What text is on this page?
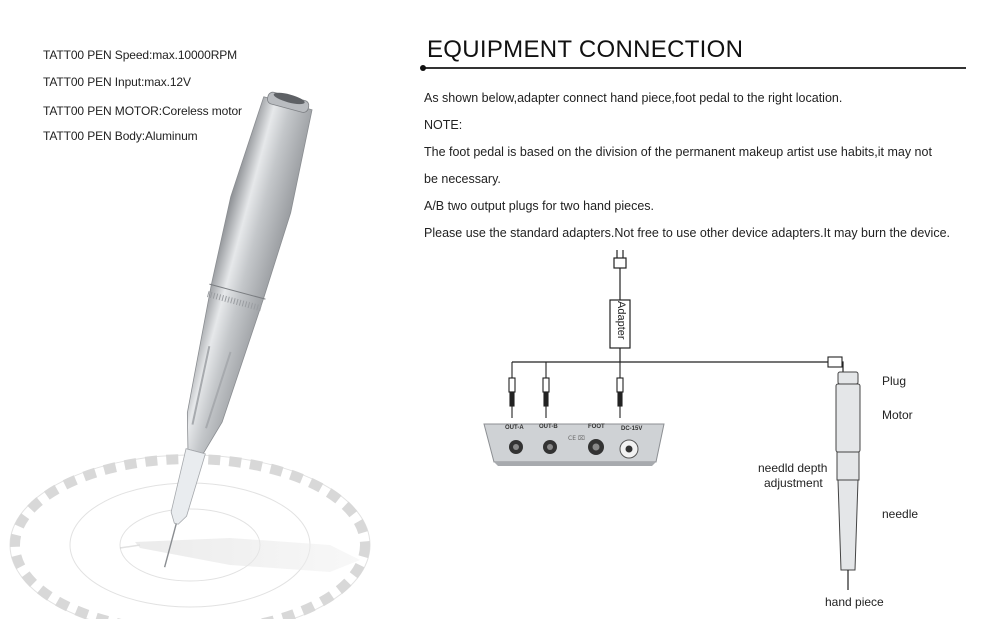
TATT00 PEN Speed:max.10000RPM
TATT00 PEN Input:max.12V
TATT00 PEN MOTOR:Coreless motor
TATT00 PEN Body:Aluminum
EQUIPMENT CONNECTION
As shown below,adapter connect hand piece,foot pedal to the right location.
NOTE:
The foot pedal is based on the division of the permanent makeup artist use habits,it may not
be necessary.
A/B two output plugs for two hand pieces.
Please use the standard adapters.Not free to use other device adapters.It may burn the device.
CE ⌧
Adapter
OUT-A	OUT-B	FOOT	DC-15V
Plug
Motor
needld depth
adjustment
needle
hand piece
